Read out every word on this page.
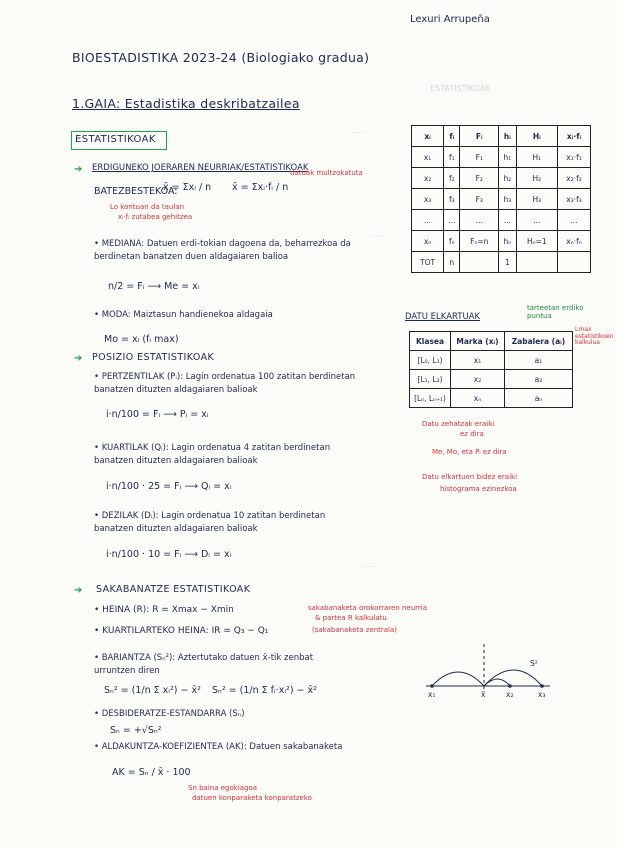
ESTATISTIKOAK
......
......
......
Lexuri Arrupeña
BIOESTADISTIKA 2023-24 (Biologiako gradua)
1.GAIA: Estadistika deskribatzailea
ESTATISTIKOAK
➔ ERDIGUNEKO JOERAREN NEURRIAK/ESTATISTIKOAK
datuak multzokatuta
BATEZBESTEKOA:
x̄ = Σxᵢ / n x̄ = Σxᵢ·fᵢ / n
Lo kontuan da taulan
xᵢ·fᵢ zutabea gehitzea
• MEDIANA: Datuen erdi-tokian dagoena da, beharrezkoa da
berdinetan banatzen duen aldagaiaren balioa
n/2 = Fᵢ ⟶ Me = xᵢ
• MODA: Maiztasun handienekoa aldagaia
Mo = xᵢ (fᵢ max)
➔ POSIZIO ESTATISTIKOAK
• PERTZENTILAK (Pᵢ): Lagin ordenatua 100 zatitan berdinetan
banatzen dituzten aldagaiaren balioak
i·n/100 = Fᵢ ⟶ Pᵢ = xᵢ
• KUARTILAK (Qᵢ): Lagin ordenatua 4 zatitan berdinetan
banatzen dituzten aldagaiaren balioak
i·n/100 · 25 = Fᵢ ⟶ Qᵢ = xᵢ
• DEZILAK (Dᵢ): Lagin ordenatua 10 zatitan berdinetan
banatzen dituzten aldagaiaren balioak
i·n/100 · 10 = Fᵢ ⟶ Dᵢ = xᵢ
➔ SAKABANATZE ESTATISTIKOAK
• HEINA (R): R = Xmax − Xmin	sakabanaketa orokorraren neurria
& partea R kalkulatu
• KUARTILARTEKO HEINA: IR = Q₃ − Q₁	(sakabanaketa zentrala)
• BARIANTZA (Sₙ²): Aztertutako datuen x̄-tik zenbat
urruntzen diren
Sₙ² = (1/n Σ xᵢ²) − x̄² Sₙ² = (1/n Σ fᵢ·xᵢ²) − x̄²
• DESBIDERATZE-ESTANDARRA (Sₙ)
Sₙ = +√Sₙ²
• ALDAKUNTZA-KOEFIZIENTEA (AK): Datuen sakabanaketa
AK = Sₙ / x̄ · 100
Sn baina egokiagoa
datuen konparaketa konparatzeko
xᵢ	fᵢ	Fᵢ	hᵢ	Hᵢ	xᵢ·fᵢ
x₁	f₁	F₁	h₁	H₁	x₁·f₁
x₂	f₂	F₂	h₂	H₂	x₂·f₂
x₃	f₃	F₃	h₃	H₃	x₃·f₃
...	...	...	...	...	...
xₙ	fₙ	Fₙ=n	hₙ	Hₙ=1	xₙ·fₙ
TOT	n		1		
DATU ELKARTUAK
tarteetan erdiko puntua
Lmax estatistikoen kalkulua
Klasea	Marka (xᵢ)	Zabalera (aᵢ)
[L₀, L₁)	x₁	a₁
[L₁, L₂)	x₂	a₂
[Lₙ, Lₙ₊₁)	xₙ	aₙ
Datu zehatzak eraiki
ez dira
Me, Mo, eta Pᵢ ez dira
Datu elkartuen bidez eraiki
histograma ezinezkoa
S²
x₁	x̄	x₂	x₃
